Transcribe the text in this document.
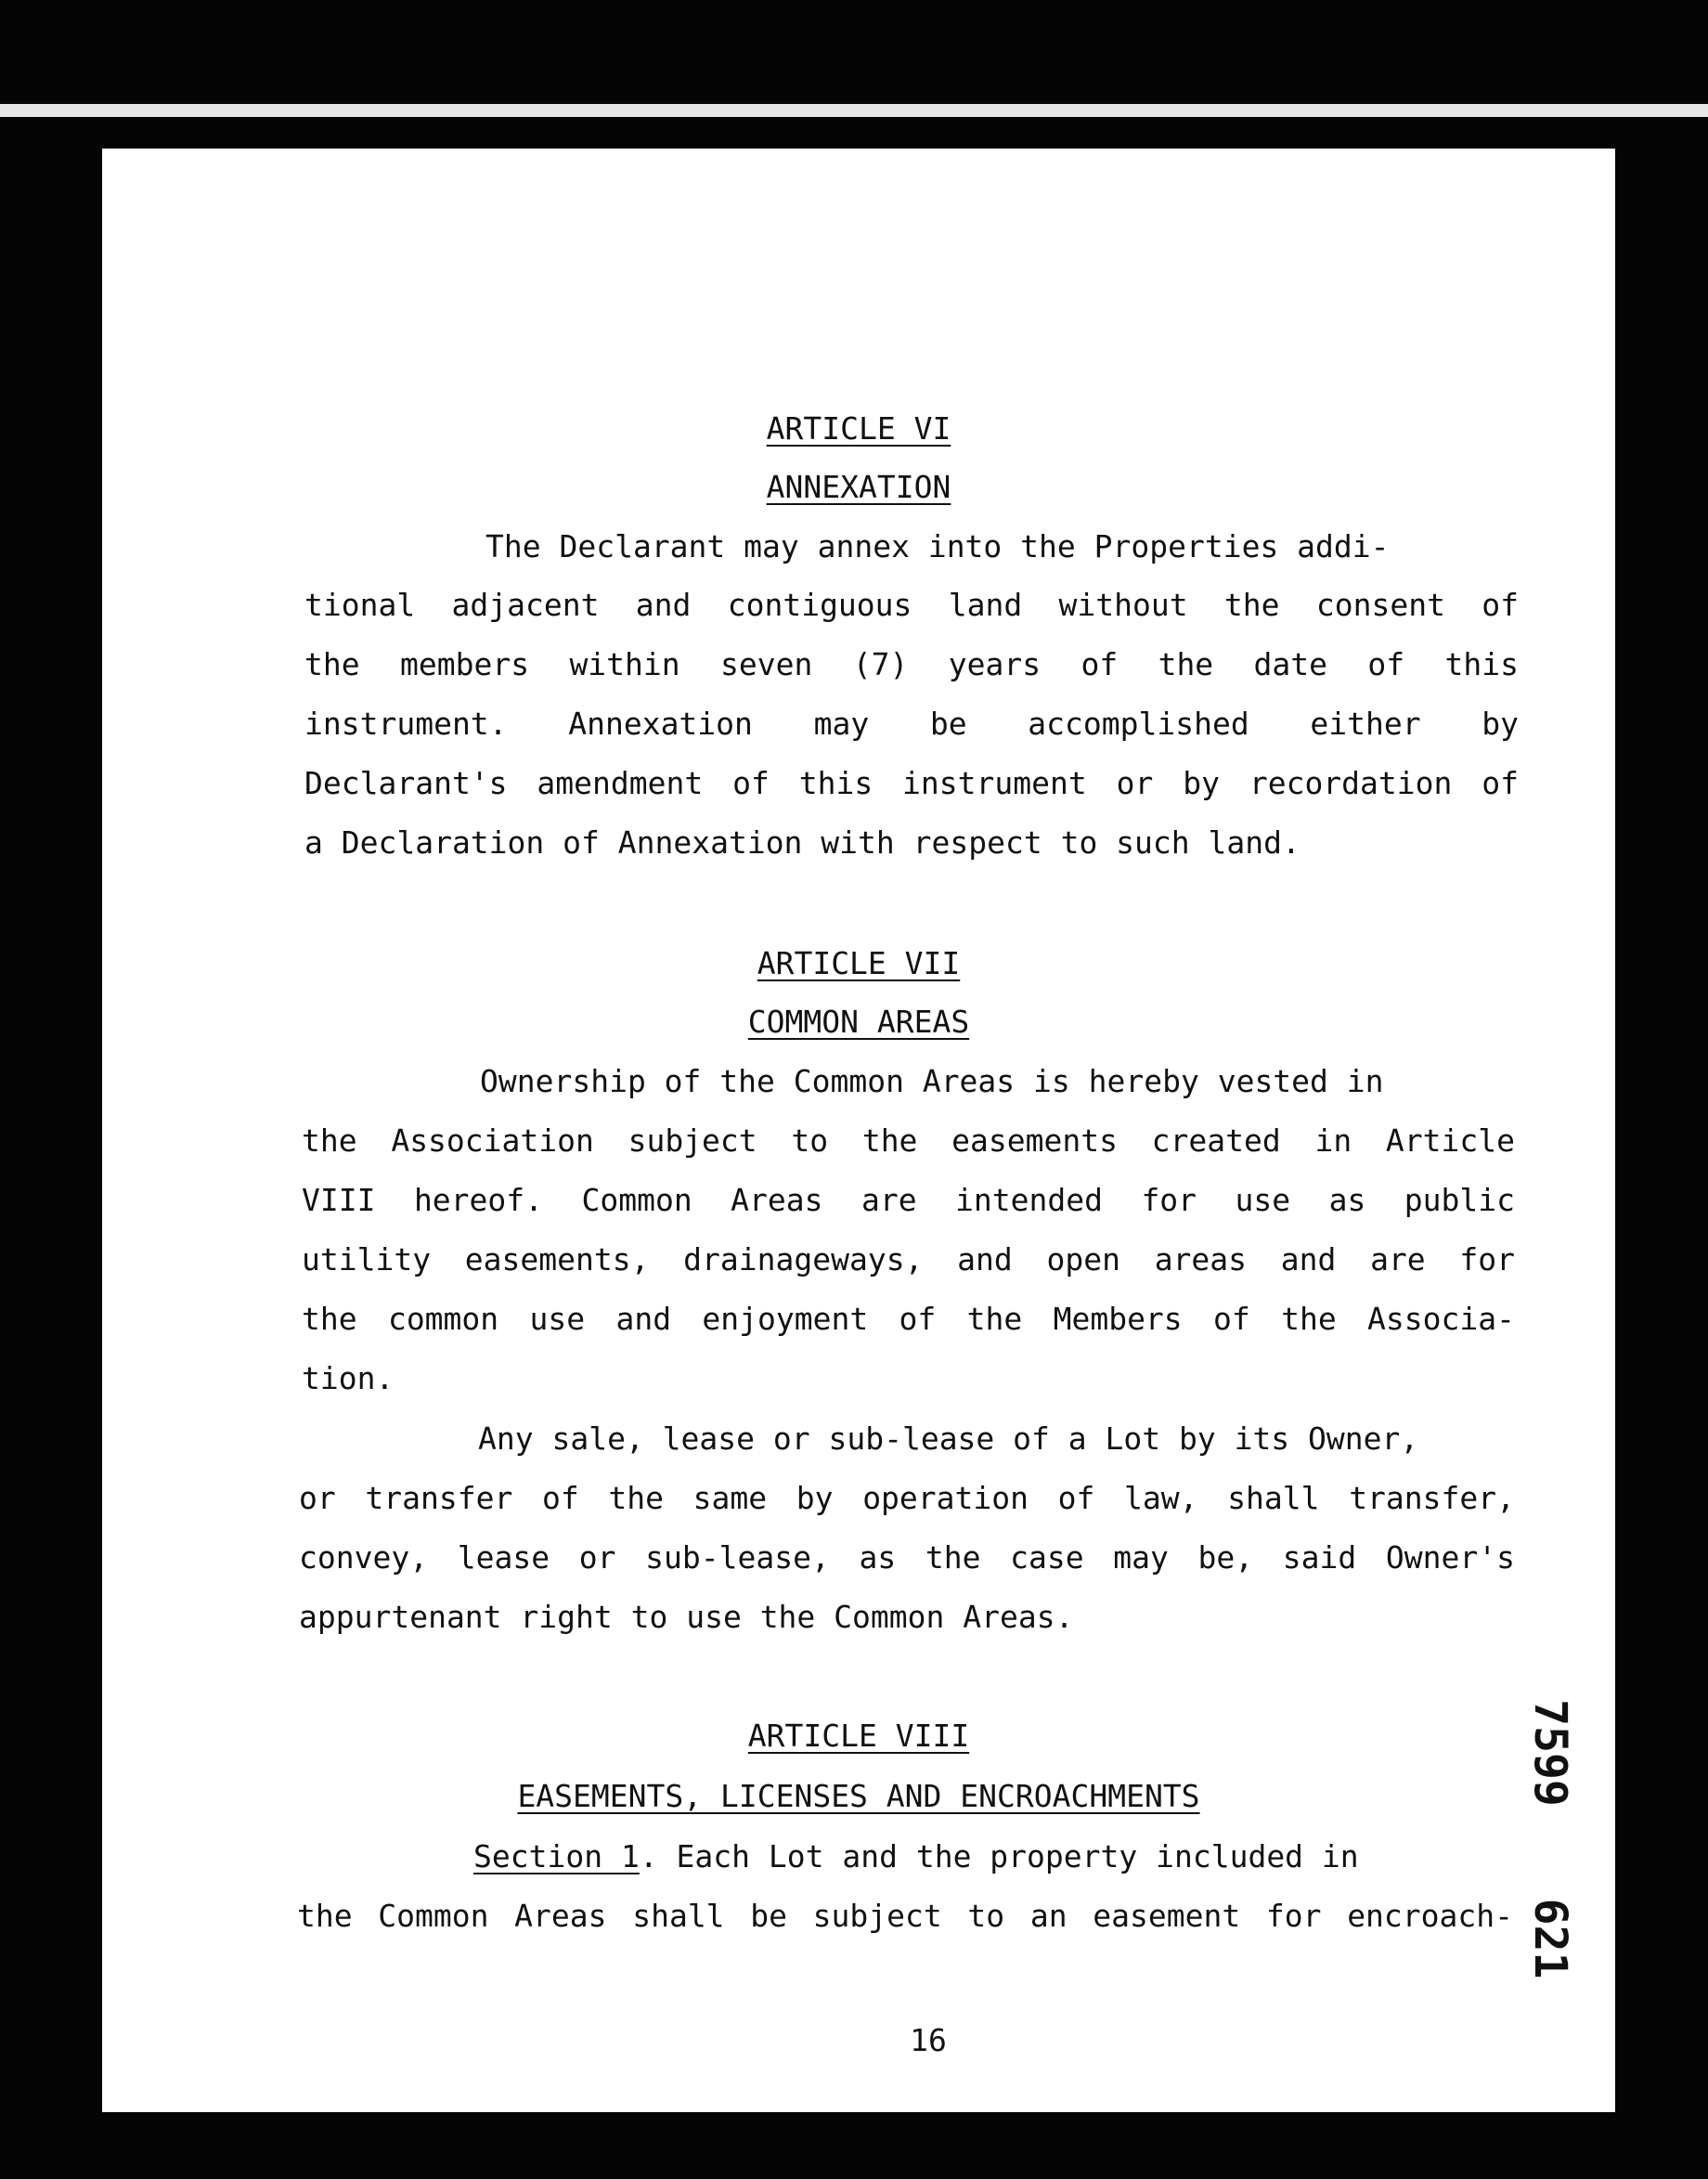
ARTICLE VI
ANNEXATION
The Declarant may annex into the Properties addi-
tional adjacent and contiguous land without the consent of
the members within seven (7) years of the date of this
instrument. Annexation may be accomplished either by
Declarant's amendment of this instrument or by recordation of
a Declaration of Annexation with respect to such land.
ARTICLE VII
COMMON AREAS
Ownership of the Common Areas is hereby vested in
the Association subject to the easements created in Article
VIII hereof. Common Areas are intended for use as public
utility easements, drainageways, and open areas and are for
the common use and enjoyment of the Members of the Associa-
tion.
Any sale, lease or sub-lease of a Lot by its Owner,
or transfer of the same by operation of law, shall transfer,
convey, lease or sub-lease, as the case may be, said Owner's
appurtenant right to use the Common Areas.
ARTICLE VIII
EASEMENTS, LICENSES AND ENCROACHMENTS
Section 1. Each Lot and the property included in
the Common Areas shall be subject to an easement for encroach-
7599
621
16
